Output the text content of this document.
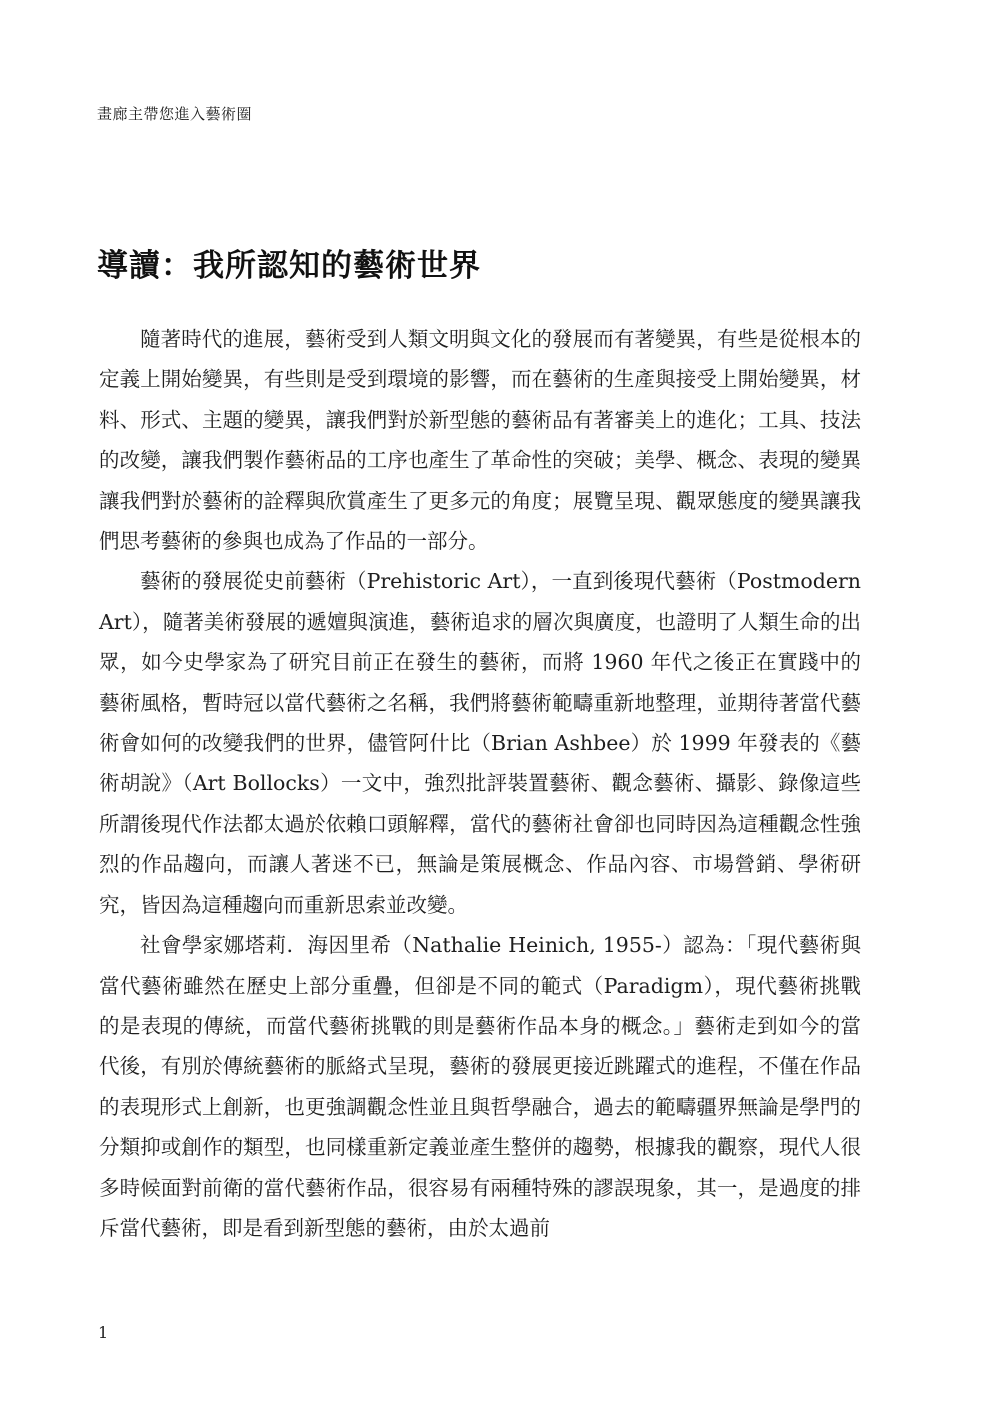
畫廊主帶您進入藝術圈
導讀：我所認知的藝術世界

隨著時代的進展，藝術受到人類文明與文化的發展而有著變異，有些是從根本的定義上開始變異，有些則是受到環境的影響，而在藝術的生產與接受上開始變異，材料、形式、主題的變異，讓我們對於新型態的藝術品有著審美上的進化；工具、技法的改變，讓我們製作藝術品的工序也產生了革命性的突破；美學、概念、表現的變異讓我們對於藝術的詮釋與欣賞產生了更多元的角度；展覽呈現、觀眾態度的變異讓我們思考藝術的參與也成為了作品的一部分。

藝術的發展從史前藝術（Prehistoric Art），一直到後現代藝術（Postmodern Art），隨著美術發展的遞嬗與演進，藝術追求的層次與廣度，也證明了人類生命的出眾，如今史學家為了研究目前正在發生的藝術，而將 1960 年代之後正在實踐中的藝術風格，暫時冠以當代藝術之名稱，我們將藝術範疇重新地整理，並期待著當代藝術會如何的改變我們的世界，儘管阿什比（Brian Ashbee）於 1999 年發表的《藝術胡說》（Art Bollocks）一文中，強烈批評裝置藝術、觀念藝術、攝影、錄像這些所謂後現代作法都太過於依賴口頭解釋，當代的藝術社會卻也同時因為這種觀念性強烈的作品趨向，而讓人著迷不已，無論是策展概念、作品內容、市場營銷、學術研究，皆因為這種趨向而重新思索並改變。

社會學家娜塔莉．海因里希（Nathalie Heinich, 1955-）認為：「現代藝術與當代藝術雖然在歷史上部分重疊，但卻是不同的範式（Paradigm），現代藝術挑戰的是表現的傳統，而當代藝術挑戰的則是藝術作品本身的概念。」藝術走到如今的當代後，有別於傳統藝術的脈絡式呈現，藝術的發展更接近跳躍式的進程，不僅在作品的表現形式上創新，也更強調觀念性並且與哲學融合，過去的範疇疆界無論是學門的分類抑或創作的類型，也同樣重新定義並產生整併的趨勢，根據我的觀察，現代人很多時候面對前衛的當代藝術作品，很容易有兩種特殊的謬誤現象，其一，是過度的排斥當代藝術，即是看到新型態的藝術，由於太過前

1
